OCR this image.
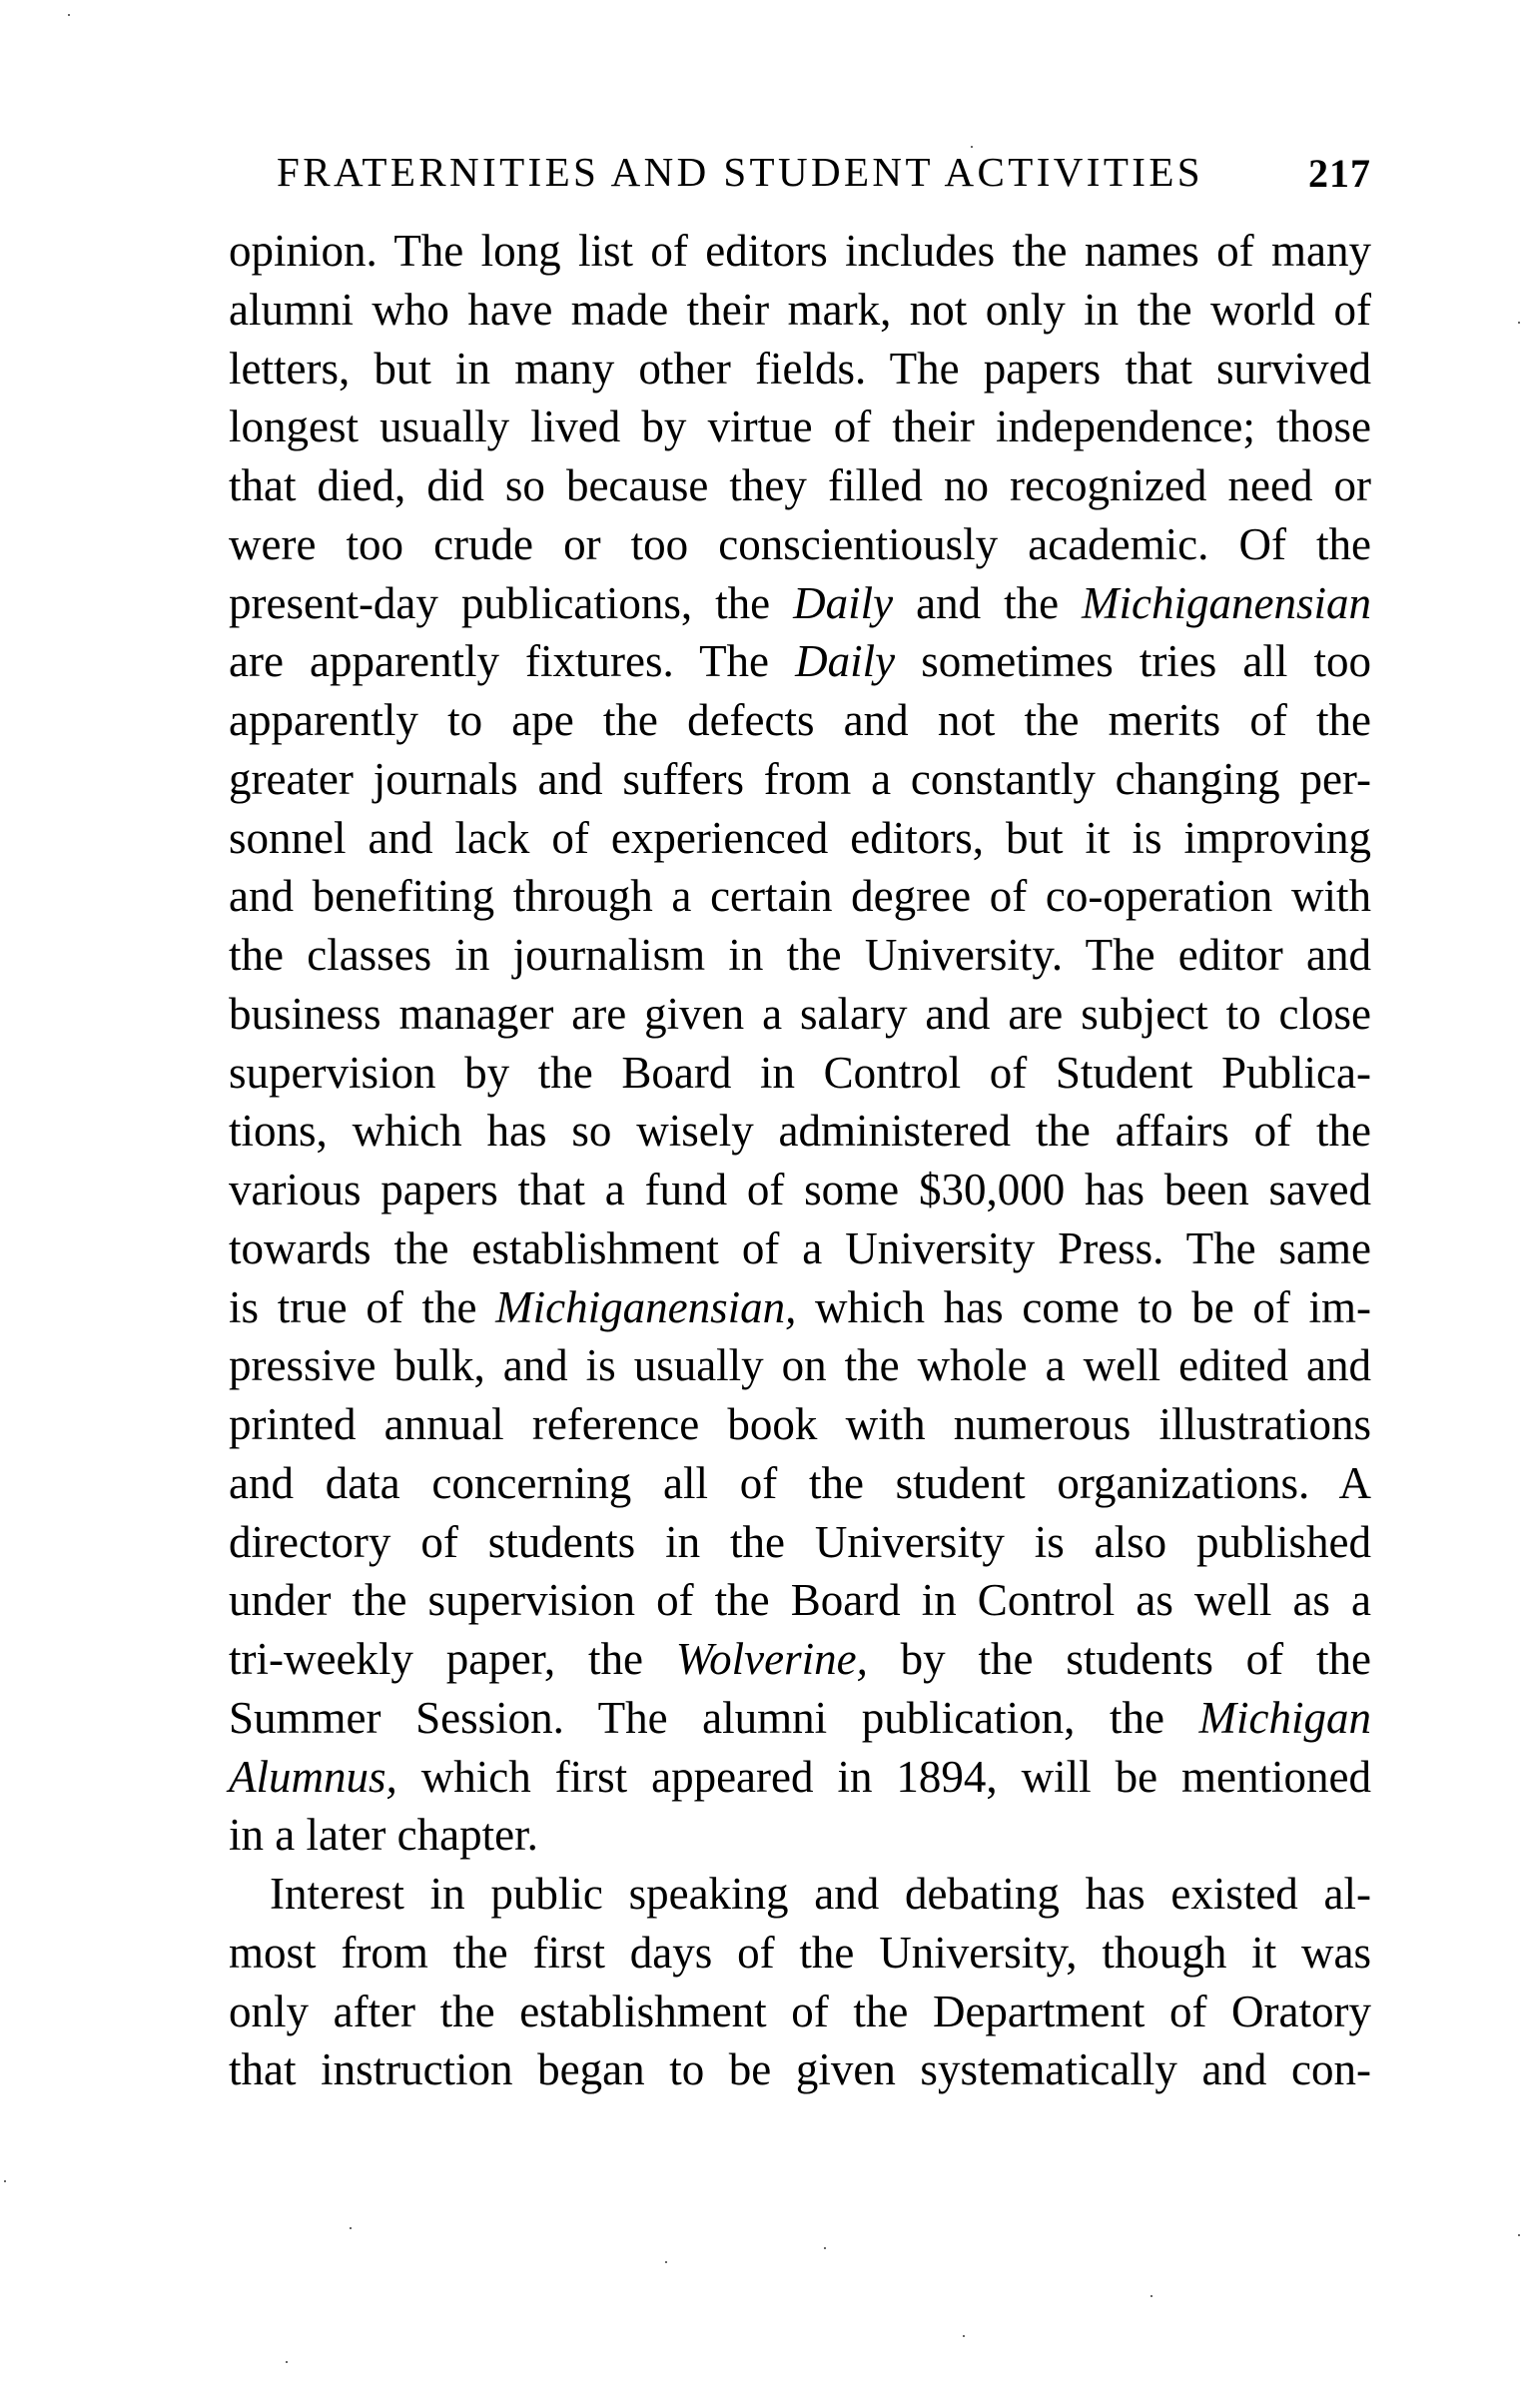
FRATERNITIES AND STUDENT ACTIVITIES	217
opinion. The long list of editors includes the names of many
alumni who have made their mark, not only in the world of
letters, but in many other fields. The papers that survived
longest usually lived by virtue of their independence; those
that died, did so because they filled no recognized need or
were too crude or too conscientiously academic. Of the
present-day publications, the Daily and the Michiganensian
are apparently fixtures. The Daily sometimes tries all too
apparently to ape the defects and not the merits of the
greater journals and suffers from a constantly changing per-
sonnel and lack of experienced editors, but it is improving
and benefiting through a certain degree of co-operation with
the classes in journalism in the University. The editor and
business manager are given a salary and are subject to close
supervision by the Board in Control of Student Publica-
tions, which has so wisely administered the affairs of the
various papers that a fund of some $30,000 has been saved
towards the establishment of a University Press. The same
is true of the Michiganensian, which has come to be of im-
pressive bulk, and is usually on the whole a well edited and
printed annual reference book with numerous illustrations
and data concerning all of the student organizations. A
directory of students in the University is also published
under the supervision of the Board in Control as well as a
tri-weekly paper, the Wolverine, by the students of the
Summer Session. The alumni publication, the Michigan
Alumnus, which first appeared in 1894, will be mentioned
in a later chapter.
Interest in public speaking and debating has existed al-
most from the first days of the University, though it was
only after the establishment of the Department of Oratory
that instruction began to be given systematically and con-
